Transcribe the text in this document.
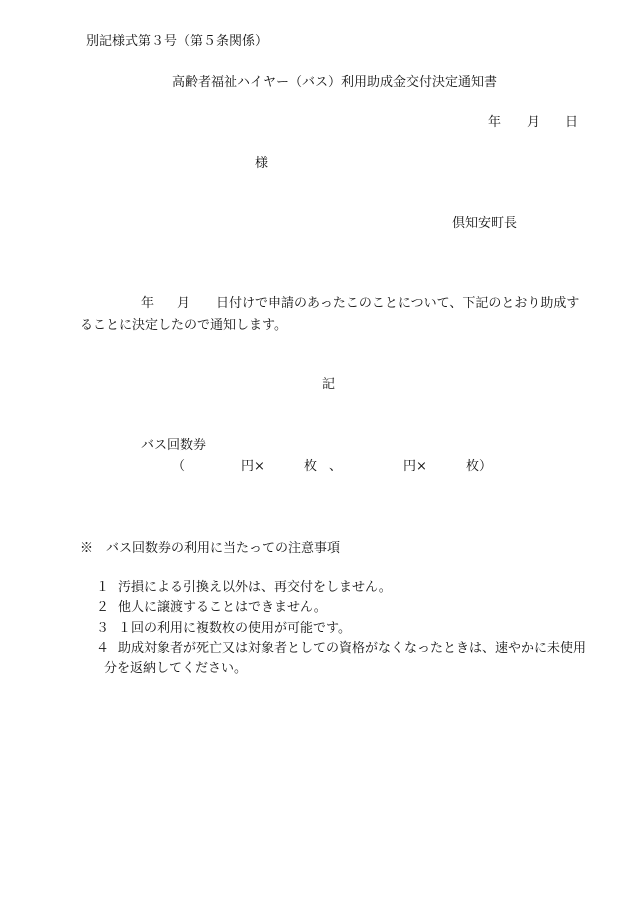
別記様式第３号（第５条関係）
高齢者福祉ハイヤー（バス）利用助成金交付決定通知書
年 月 日
様
倶知安町長
年 月 日付けで申請のあったこのことについて、下記のとおり助成す
ることに決定したので通知します。
記
バス回数券
（	円×	枚 、	円×	枚）
※　バス回数券の利用に当たっての注意事項
１ 汚損による引換え以外は、再交付をしません。
２ 他人に譲渡することはできません。
３ １回の利用に複数枚の使用が可能です。
４ 助成対象者が死亡又は対象者としての資格がなくなったときは、速やかに未使用
分を返納してください。
